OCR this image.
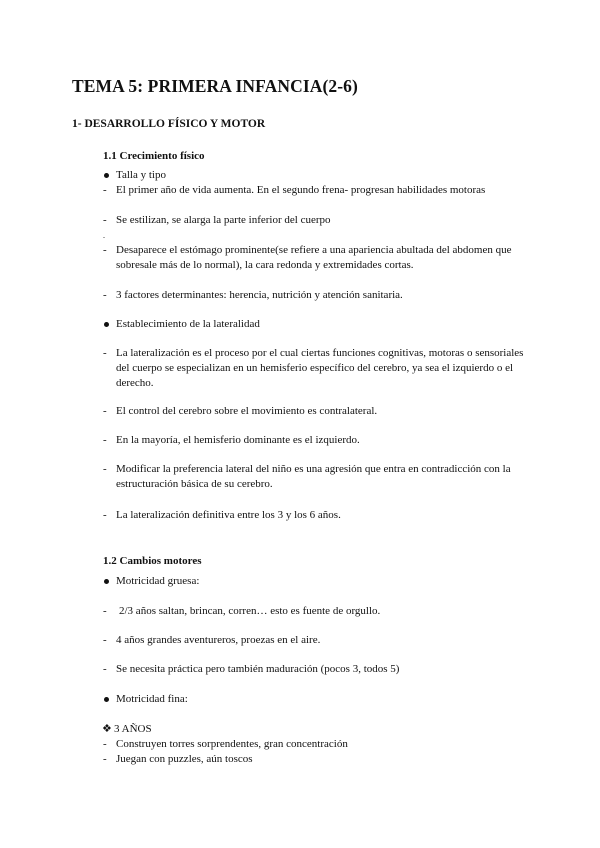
TEMA 5: PRIMERA INFANCIA(2-6)
1- DESARROLLO FÍSICO Y MOTOR
1.1 Crecimiento físico
Talla y tipo
- El primer año de vida aumenta. En el segundo frena- progresan habilidades motoras
- Se estilizan, se alarga la parte inferior del cuerpo
.
- Desaparece el estómago prominente(se refiere a una apariencia abultada del abdomen que
sobresale más de lo normal), la cara redonda y extremidades cortas.
- 3 factores determinantes: herencia, nutrición y atención sanitaria.
Establecimiento de la lateralidad
- La lateralización es el proceso por el cual ciertas funciones cognitivas, motoras o sensoriales
del cuerpo se especializan en un hemisferio específico del cerebro, ya sea el izquierdo o el
derecho.
- El control del cerebro sobre el movimiento es contralateral.
- En la mayoría, el hemisferio dominante es el izquierdo.
- Modificar la preferencia lateral del niño es una agresión que entra en contradicción con la
estructuración básica de su cerebro.
- La lateralización definitiva entre los 3 y los 6 años.
1.2 Cambios motores
Motricidad gruesa:
- 2/3 años saltan, brincan, corren… esto es fuente de orgullo.
- 4 años grandes aventureros, proezas en el aire.
- Se necesita práctica pero también maduración (pocos 3, todos 5)
Motricidad fina:
❖ 3 AÑOS
- Construyen torres sorprendentes, gran concentración
- Juegan con puzzles, aún toscos
